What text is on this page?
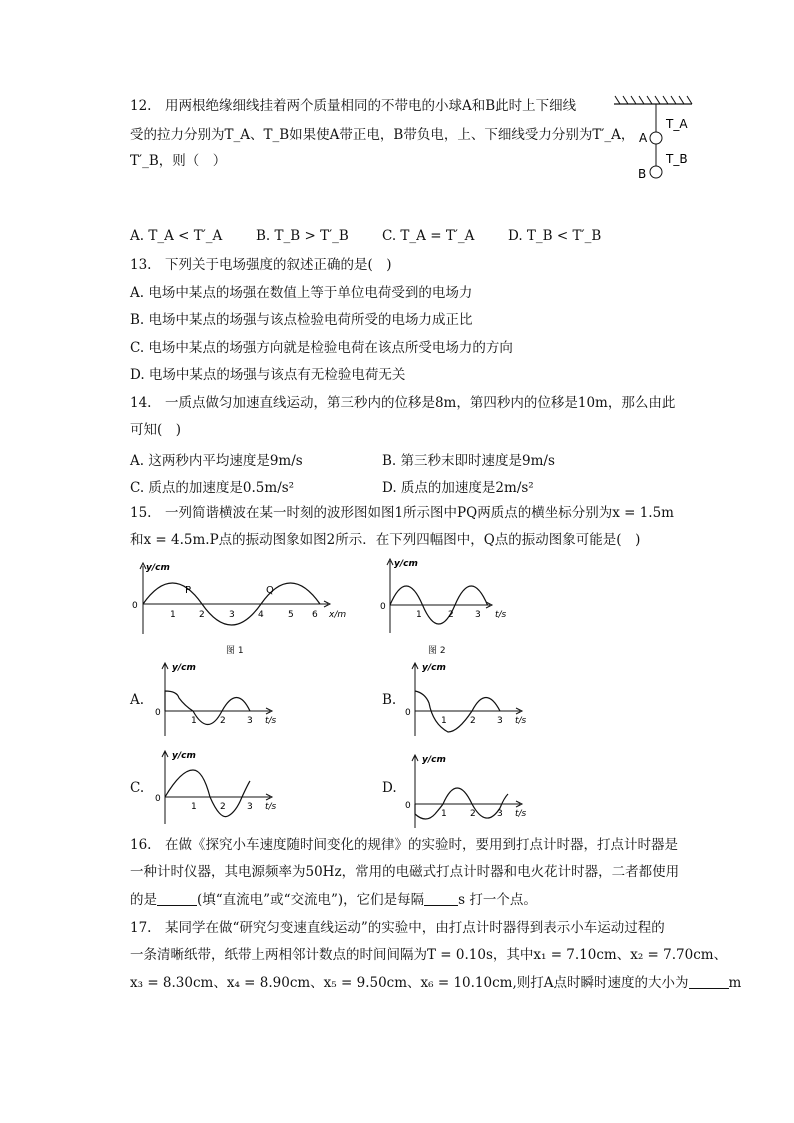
12.　用两根绝缘细线挂着两个质量相同的不带电的小球A和B此时上下细线
受的拉力分别为T_A、T_B如果使A带正电，B带负电，上、下细线受力分别为T′_A，
T′_B，则（　）
T_A
A
T_B
B
A. T_A < T′_A B. T_B > T′_B C. T_A = T′_A D. T_B < T′_B
13.　下列关于电场强度的叙述正确的是(　)
A. 电场中某点的场强在数值上等于单位电荷受到的电场力
B. 电场中某点的场强与该点检验电荷所受的电场力成正比
C. 电场中某点的场强方向就是检验电荷在该点所受电场力的方向
D. 电场中某点的场强与该点有无检验电荷无关
14.　一质点做匀加速直线运动，第三秒内的位移是8m，第四秒内的位移是10m，那么由此
可知(　)
A. 这两秒内平均速度是9m/s	B. 第三秒末即时速度是9m/s
C. 质点的加速度是0.5m/s²	D. 质点的加速度是2m/s²
15.　一列简谐横波在某一时刻的波形图如图1所示图中PQ两质点的横坐标分别为x = 1.5m
和x = 4.5m.P点的振动图象如图2所示．在下列四幅图中，Q点的振动图象可能是(　)
y/cm
x/m
0
1	2	3	4	5 6
P	Q
图 1
y/cm
t/s
0
1	2 3
图 2
A.
y/cm
t/s
0
1	2 3
B.
y/cm
t/s
0
1	2 3
C.
y/cm
t/s
0
1	2 3
D.
y/cm
t/s
0
1	2 3
16.　在做《探究小车速度随时间变化的规律》的实验时，要用到打点计时器，打点计时器是
一种计时仪器，其电源频率为50Hz，常用的电磁式打点计时器和电火花计时器，二者都使用
的是	(填“直流电”或“交流电”)，它们是每隔	s 打一个点。
17.　某同学在做“研究匀变速直线运动”的实验中，由打点计时器得到表示小车运动过程的
一条清晰纸带，纸带上两相邻计数点的时间间隔为T = 0.10s，其中x₁ = 7.10cm、x₂ = 7.70cm、
x₃ = 8.30cm、x₄ = 8.90cm、x₅ = 9.50cm、x₆ = 10.10cm,则打A点时瞬时速度的大小为	m
